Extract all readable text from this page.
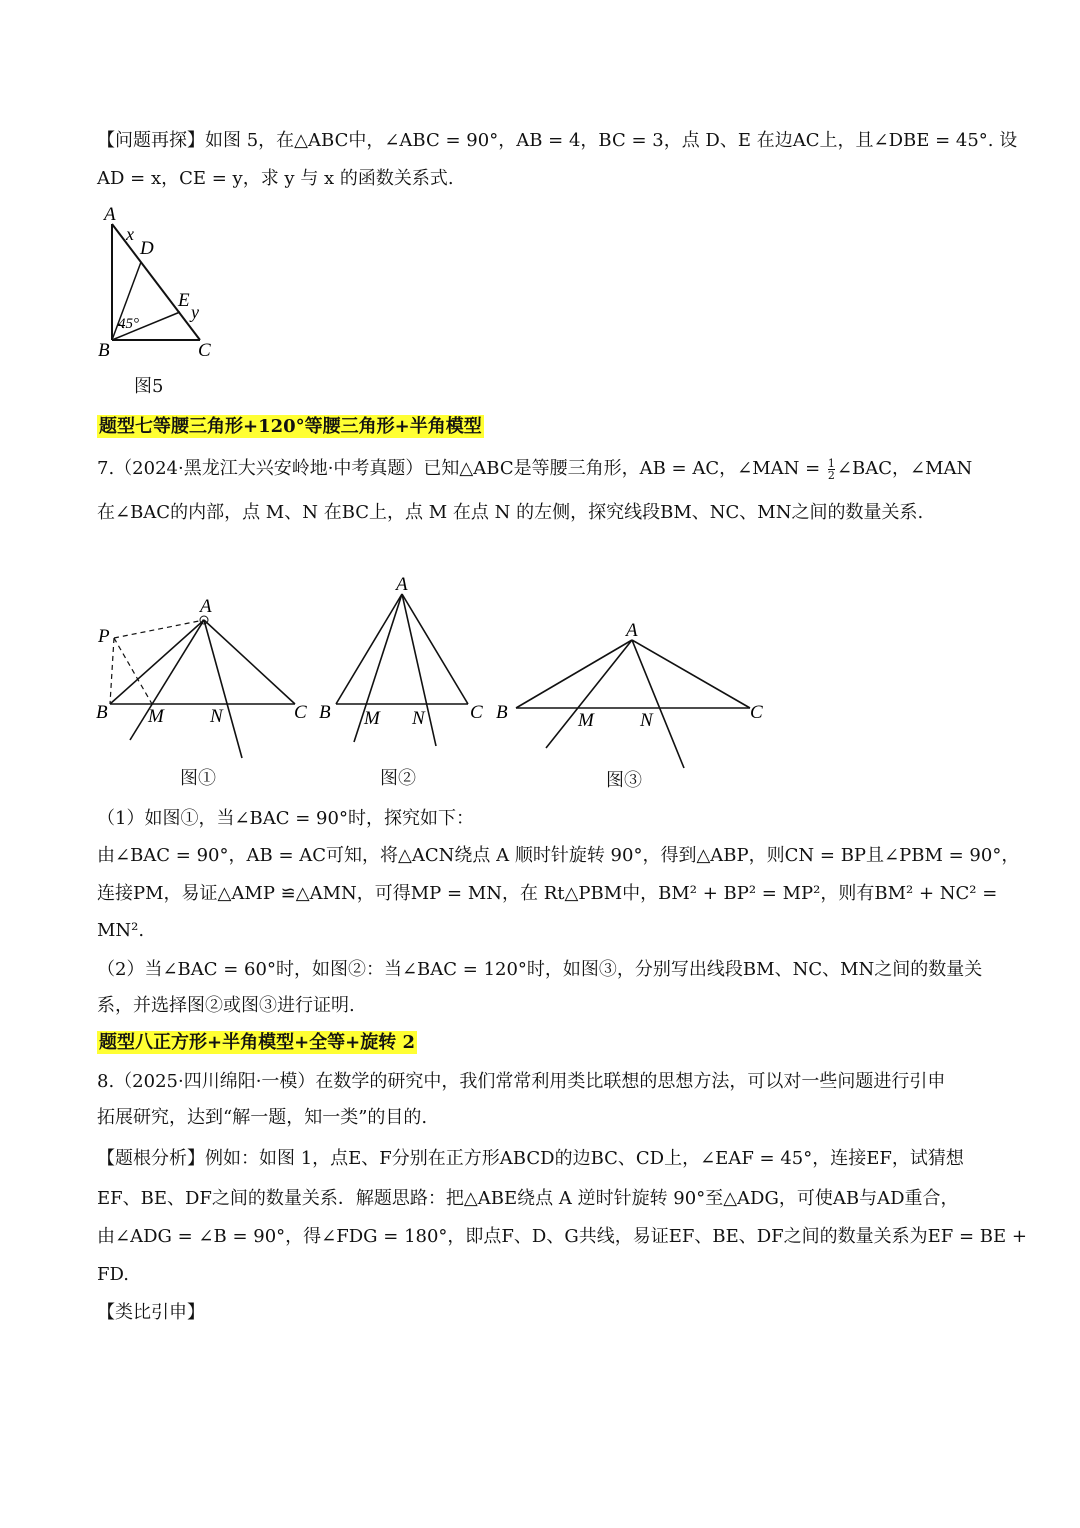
【问题再探】如图 5，在△ABC中，∠ABC = 90°，AB = 4，BC = 3，点 D、E 在边AC上，且∠DBE = 45°. 设
AD = x，CE = y，求 y 与 x 的函数关系式.
A
x
D
E
y
45°
B	C
图5
题型七等腰三角形+120°等腰三角形+半角模型
7.（2024·黑龙江大兴安岭地·中考真题）已知△ABC是等腰三角形，AB = AC，∠MAN = $\frac{1}{2}$ ∠BAC，∠MAN
在∠BAC的内部，点 M、N 在BC上，点 M 在点 N 的左侧，探究线段BM、NC、MN之间的数量关系.
P
A
B M N	C
A
B M N C
A
B	M N	C
图①	图②	图③
（1）如图①，当∠BAC = 90°时，探究如下：
由∠BAC = 90°，AB = AC可知，将△ACN绕点 A 顺时针旋转 90°，得到△ABP，则CN = BP且∠PBM = 90°，
连接PM，易证△AMP ≌△AMN，可得MP = MN，在 Rt△PBM中，BM² + BP² = MP²，则有BM² + NC² =
MN².
（2）当∠BAC = 60°时，如图②：当∠BAC = 120°时，如图③，分别写出线段BM、NC、MN之间的数量关
系，并选择图②或图③进行证明.
题型八正方形+半角模型+全等+旋转 2
8.（2025·四川绵阳·一模）在数学的研究中，我们常常利用类比联想的思想方法，可以对一些问题进行引申
拓展研究，达到“解一题，知一类”的目的.
【题根分析】例如：如图 1，点E、F分别在正方形ABCD的边BC、CD上，∠EAF = 45°，连接EF，试猜想
EF、BE、DF之间的数量关系．解题思路：把△ABE绕点 A 逆时针旋转 90°至△ADG，可使AB与AD重合，
由∠ADG = ∠B = 90°，得∠FDG = 180°，即点F、D、G共线，易证EF、BE、DF之间的数量关系为EF = BE +
FD.
【类比引申】
